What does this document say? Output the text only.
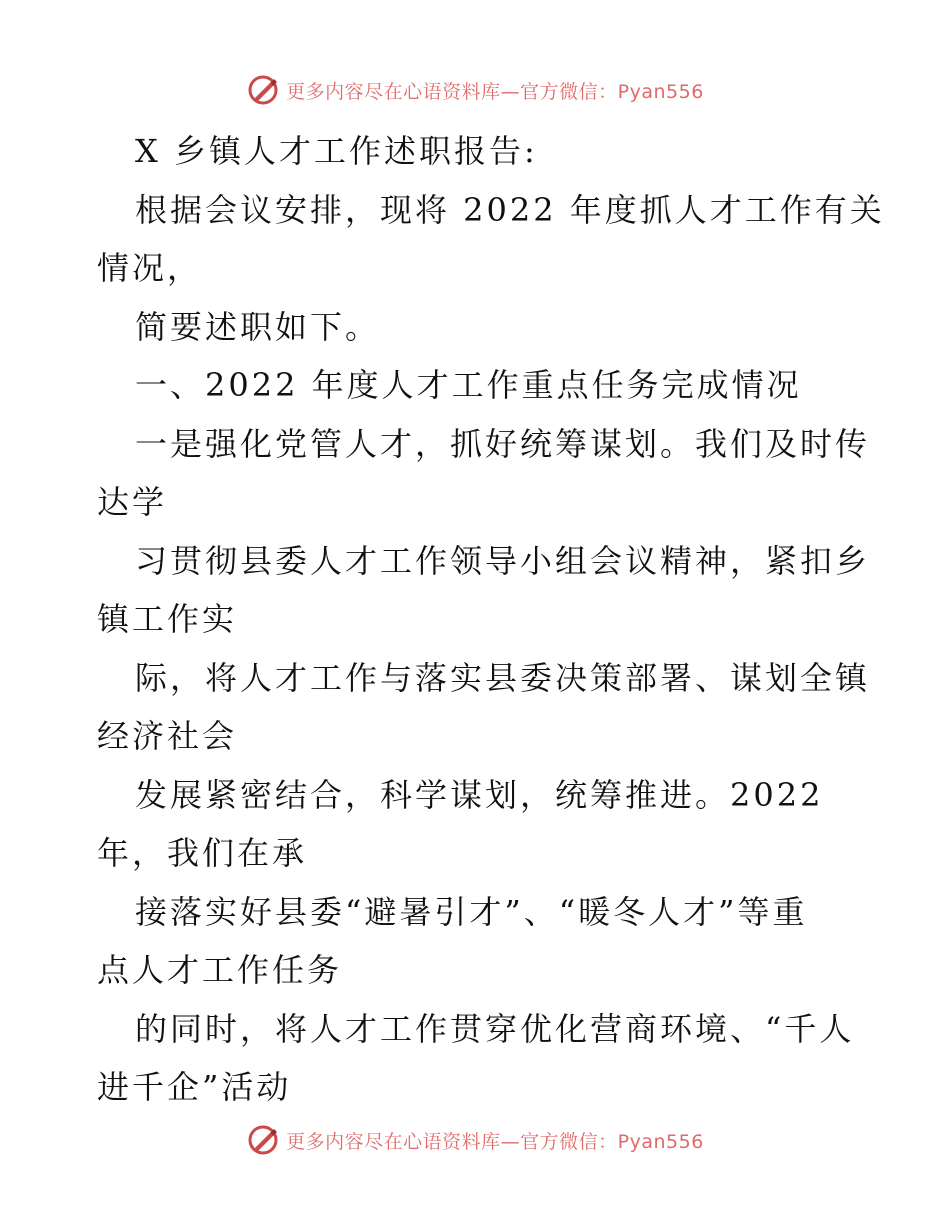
更多内容尽在心语资料库—官方微信：Pyan556
X 乡镇人才工作述职报告:
根据会议安排，现将 2022 年度抓人才工作有关
情况，
简要述职如下。
一、2022 年度人才工作重点任务完成情况
一是强化党管人才，抓好统筹谋划。我们及时传
达学
习贯彻县委人才工作领导小组会议精神，紧扣乡
镇工作实
际，将人才工作与落实县委决策部署、谋划全镇
经济社会
发展紧密结合，科学谋划，统筹推进。2022
年，我们在承
接落实好县委“避暑引才”、“暖冬人才”等重
点人才工作任务
的同时，将人才工作贯穿优化营商环境、“千人
进千企”活动
更多内容尽在心语资料库—官方微信：Pyan556
